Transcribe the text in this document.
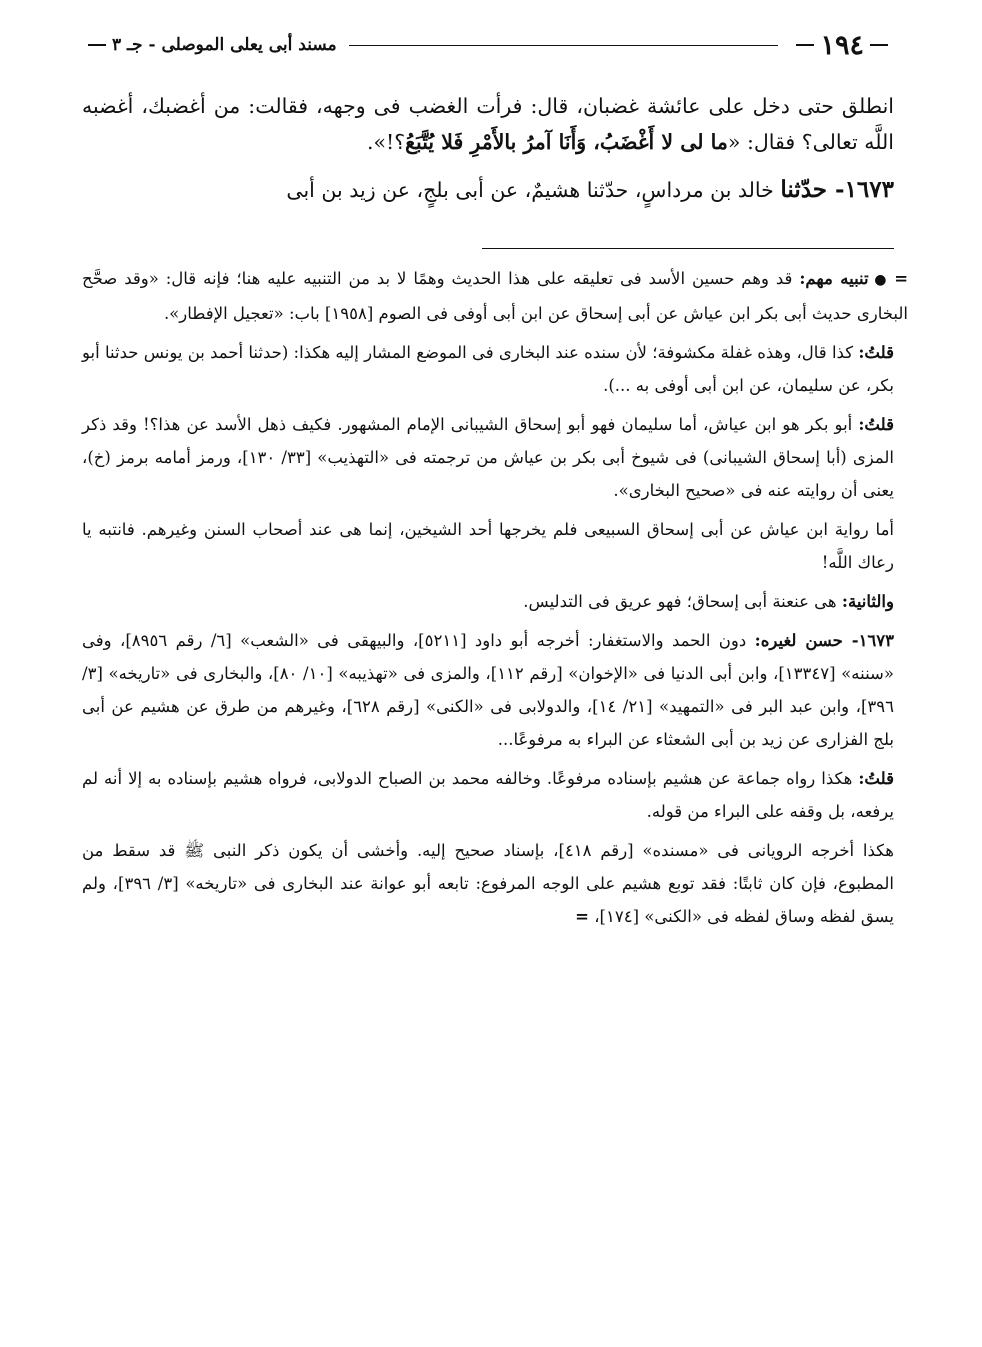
١٩٤
مسند أبى يعلى الموصلى - جـ ٣

انطلق حتى دخل على عائشة غضبان، قال: فرأت الغضب فى وجهه، فقالت: من أغضبك، أغضبه اللَّه تعالى؟ فقال: «ما لى لا أَغْضَبُ، وَأَنَا آمرُ بالأَمْرِ فَلا يُتَّبَعُ؟!».

١٦٧٣- حدّثنا خالد بن مرداسٍ، حدّثنا هشيمٌ، عن أبى بلجٍ، عن زيد بن أبى

=●تنبيه مهم: قد وهم حسين الأسد فى تعليقه على هذا الحديث وهمًا لا بد من التنبيه عليه هنا؛ فإنه قال: «وقد صحَّح البخارى حديث أبى بكر ابن عياش عن أبى إسحاق عن ابن أبى أوفى فى الصوم [١٩٥٨] باب: «تعجيل الإفطار».

قلتُ: كذا قال، وهذه غفلة مكشوفة؛ لأن سنده عند البخارى فى الموضع المشار إليه هكذا: (حدثنا أحمد بن يونس حدثنا أبو بكر، عن سليمان، عن ابن أبى أوفى به ...).

قلتُ: أبو بكر هو ابن عياش، أما سليمان فهو أبو إسحاق الشيبانى الإمام المشهور. فكيف ذهل الأسد عن هذا؟! وقد ذكر المزى (أبا إسحاق الشيبانى) فى شيوخ أبى بكر بن عياش من ترجمته فى «التهذيب» [٣٣/ ١٣٠]، ورمز أمامه برمز (خ)، يعنى أن روايته عنه فى «صحيح البخارى».

أما رواية ابن عياش عن أبى إسحاق السبيعى فلم يخرجها أحد الشيخين، إنما هى عند أصحاب السنن وغيرهم. فانتبه يا رعاك اللَّه!

والثانية: هى عنعنة أبى إسحاق؛ فهو عريق فى التدليس.

١٦٧٣- حسن لغيره: دون الحمد والاستغفار: أخرجه أبو داود [٥٢١١]، والبيهقى فى «الشعب» [٦/ رقم ٨٩٥٦]، وفى «سننه» [١٣٣٤٧]، وابن أبى الدنيا فى «الإخوان» [رقم ١١٢]، والمزى فى «تهذيبه» [١٠/ ٨٠]، والبخارى فى «تاريخه» [٣/ ٣٩٦]، وابن عبد البر فى «التمهيد» [٢١/ ١٤]، والدولابى فى «الكنى» [رقم ٦٢٨]، وغيرهم من طرق عن هشيم عن أبى بلج الفزارى عن زيد بن أبى الشعثاء عن البراء به مرفوعًا...

قلتُ: هكذا رواه جماعة عن هشيم بإسناده مرفوعًا. وخالفه محمد بن الصباح الدولابى، فرواه هشيم بإسناده به إلا أنه لم يرفعه، بل وقفه على البراء من قوله.

هكذا أخرجه الرويانى فى «مسنده» [رقم ٤١٨]، بإسناد صحيح إليه. وأخشى أن يكون ذكر النبى ﷺ قد سقط من المطبوع، فإن كان ثابتًا: فقد توبع هشيم على الوجه المرفوع: تابعه أبو عوانة عند البخارى فى «تاريخه» [٣/ ٣٩٦]، ولم يسق لفظه وساق لفظه فى «الكنى» [١٧٤]، =
